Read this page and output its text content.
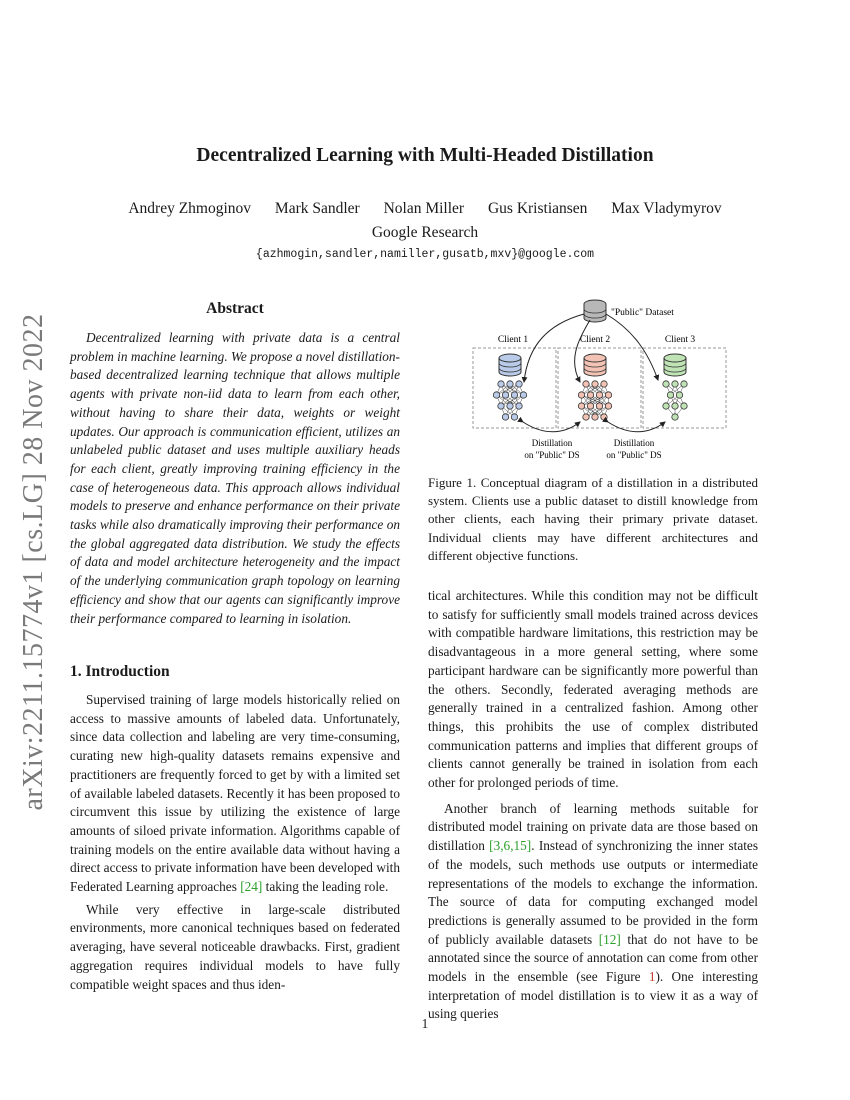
arXiv:2211.15774v1 [cs.LG] 28 Nov 2022
Decentralized Learning with Multi-Headed Distillation
Andrey Zhmoginov Mark Sandler Nolan Miller Gus Kristiansen Max Vladymyrov
Google Research
{azhmogin,sandler,namiller,gusatb,mxv}@google.com
Abstract
Decentralized learning with private data is a central problem in machine learning. We propose a novel distillation-based decentralized learning technique that allows multiple agents with private non-iid data to learn from each other, without having to share their data, weights or weight updates. Our approach is communication efficient, utilizes an unlabeled public dataset and uses multiple auxiliary heads for each client, greatly improving training efficiency in the case of heterogeneous data. This approach allows individual models to preserve and enhance performance on their private tasks while also dramatically improving their performance on the global aggregated data distribution. We study the effects of data and model architecture heterogeneity and the impact of the underlying communication graph topology on learning efficiency and show that our agents can significantly improve their performance compared to learning in isolation.
1. Introduction

Supervised training of large models historically relied on access to massive amounts of labeled data. Unfortunately, since data collection and labeling are very time-consuming, curating new high-quality datasets remains expensive and practitioners are frequently forced to get by with a limited set of available labeled datasets. Recently it has been proposed to circumvent this issue by utilizing the existence of large amounts of siloed private information. Algorithms capable of training models on the entire available data without having a direct access to private information have been developed with Federated Learning approaches [24] taking the leading role.

While very effective in large-scale distributed environments, more canonical techniques based on federated averaging, have several noticeable drawbacks. First, gradient aggregation requires individual models to have fully compatible weight spaces and thus iden-

"Public" Dataset
Client 1	Client 2	Client 3
Distillation
on "Public" DS
Distillation
on "Public" DS
Figure 1. Conceptual diagram of a distillation in a distributed system. Clients use a public dataset to distill knowledge from other clients, each having their primary private dataset. Individual clients may have different architectures and different objective functions.

tical architectures. While this condition may not be difficult to satisfy for sufficiently small models trained across devices with compatible hardware limitations, this restriction may be disadvantageous in a more general setting, where some participant hardware can be significantly more powerful than the others. Secondly, federated averaging methods are generally trained in a centralized fashion. Among other things, this prohibits the use of complex distributed communication patterns and implies that different groups of clients cannot generally be trained in isolation from each other for prolonged periods of time.

Another branch of learning methods suitable for distributed model training on private data are those based on distillation [3,6,15]. Instead of synchronizing the inner states of the models, such methods use outputs or intermediate representations of the models to exchange the information. The source of data for computing exchanged model predictions is generally assumed to be provided in the form of publicly available datasets [12] that do not have to be annotated since the source of annotation can come from other models in the ensemble (see Figure 1). One interesting interpretation of model distillation is to view it as a way of using queries

1
